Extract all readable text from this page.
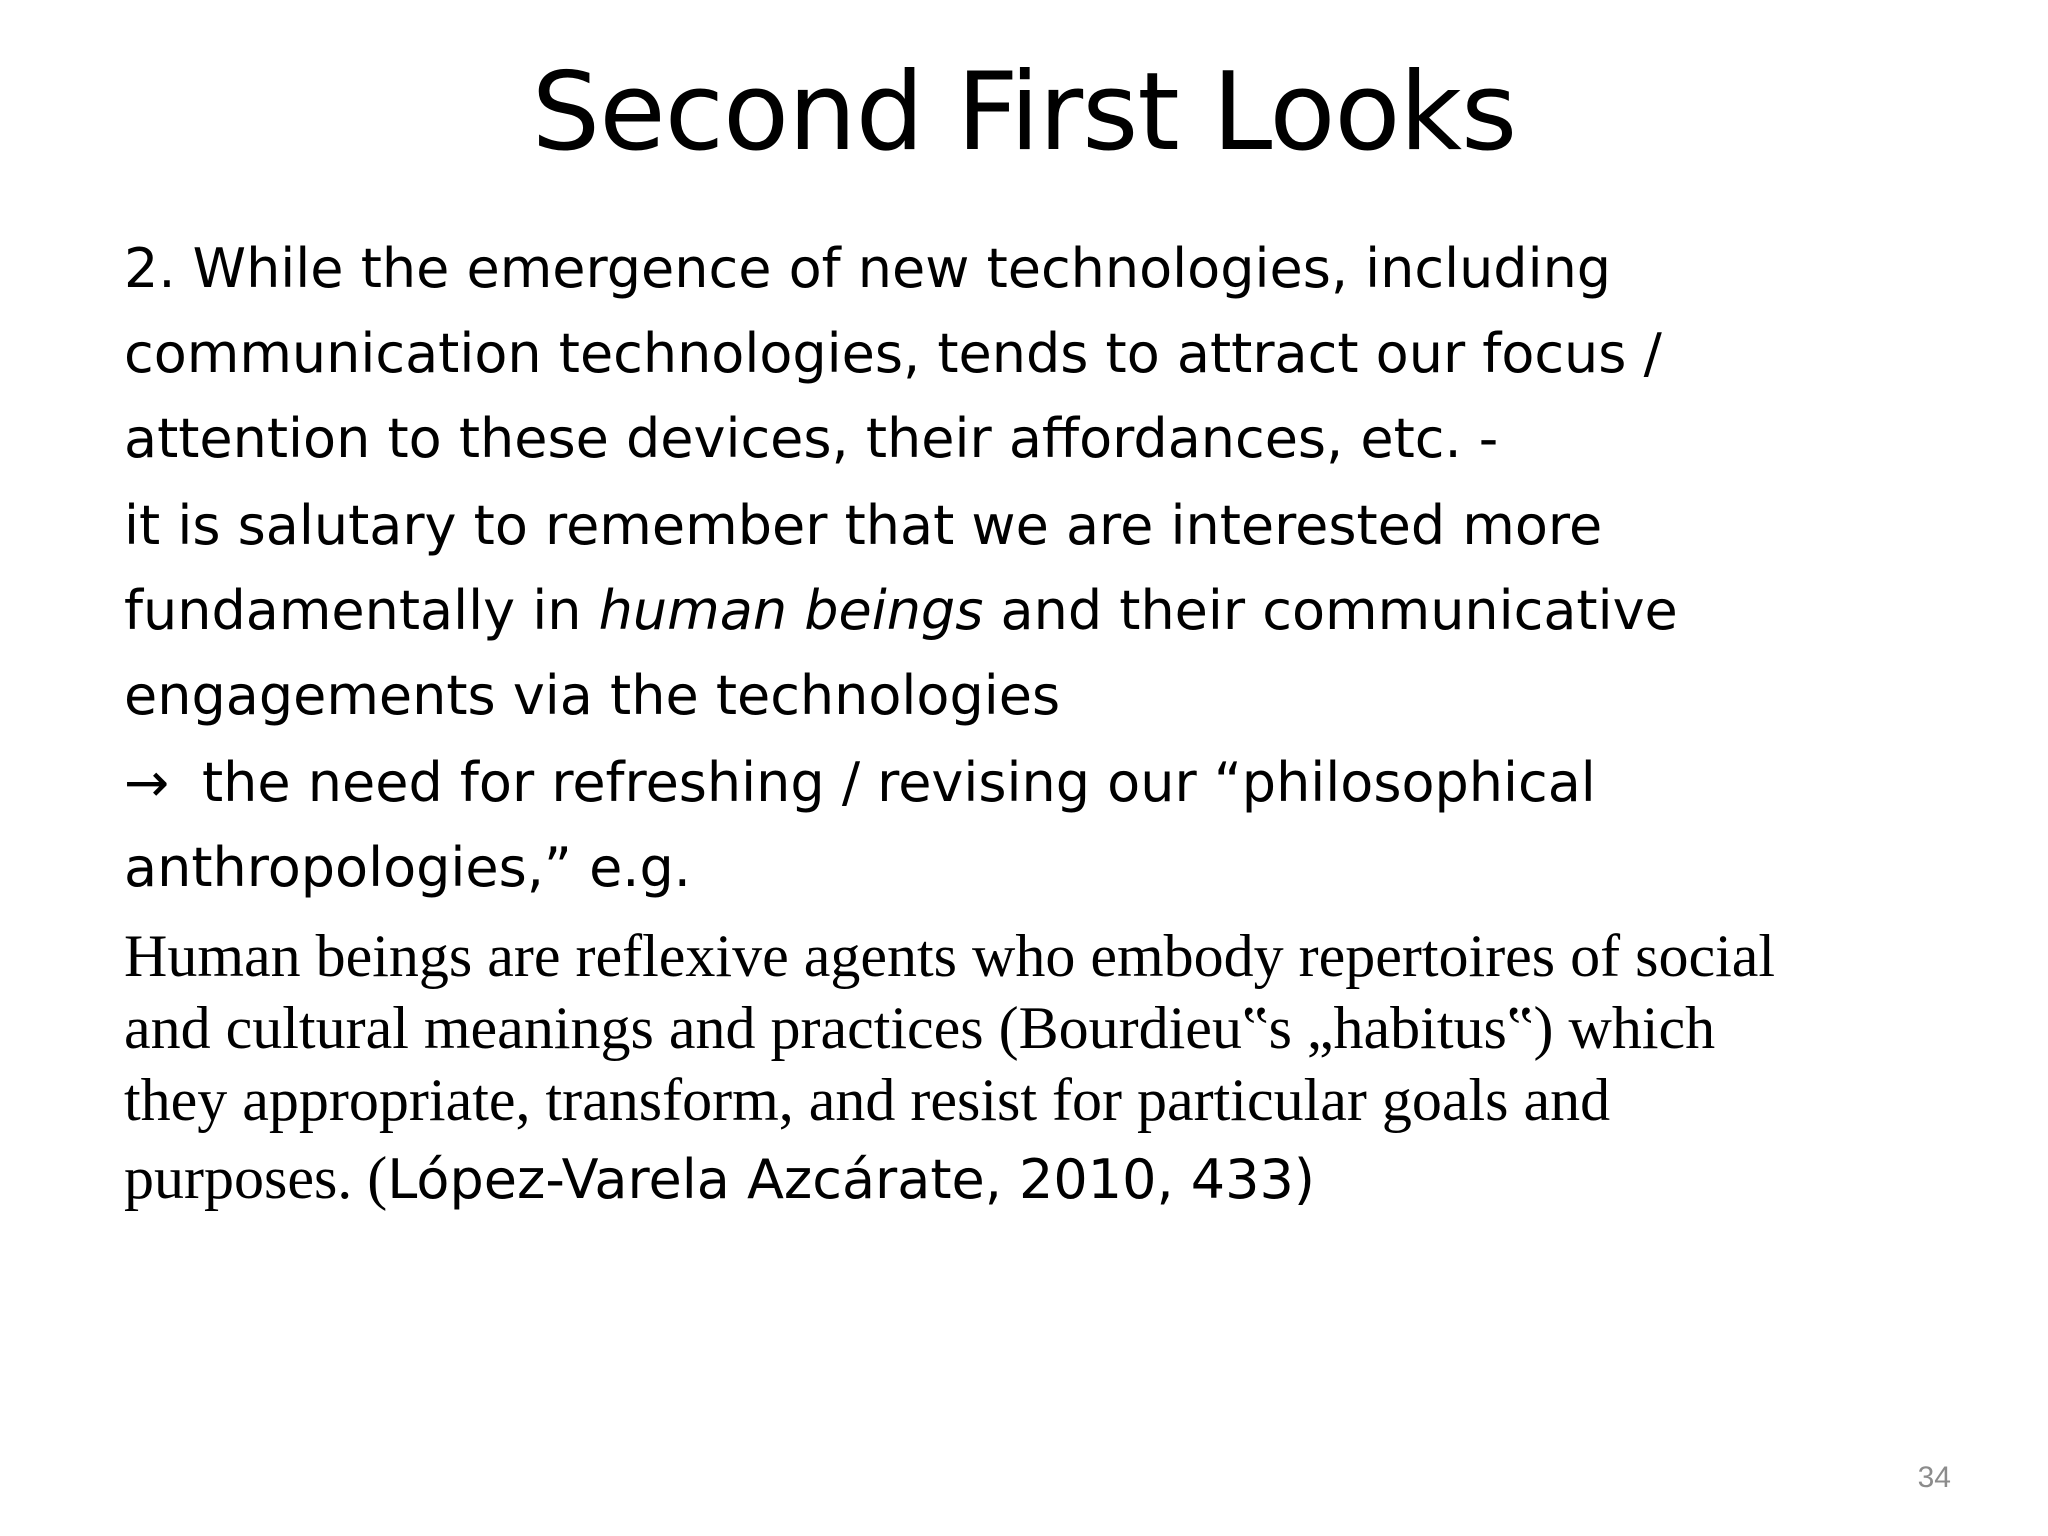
Second First Looks

2. While the emergence of new technologies, including
communication technologies, tends to attract our focus /
attention to these devices, their affordances, etc. -

it is salutary to remember that we are interested more
fundamentally in human beings and their communicative
engagements via the technologies

→ the need for refreshing / revising our “philosophical
anthropologies,” e.g.

Human beings are reflexive agents who embody repertoires of social
and cultural meanings and practices (Bourdieu‟s „habitus‟) which
they appropriate, transform, and resist for particular goals and
purposes. (López-Varela Azcárate, 2010, 433)

34
